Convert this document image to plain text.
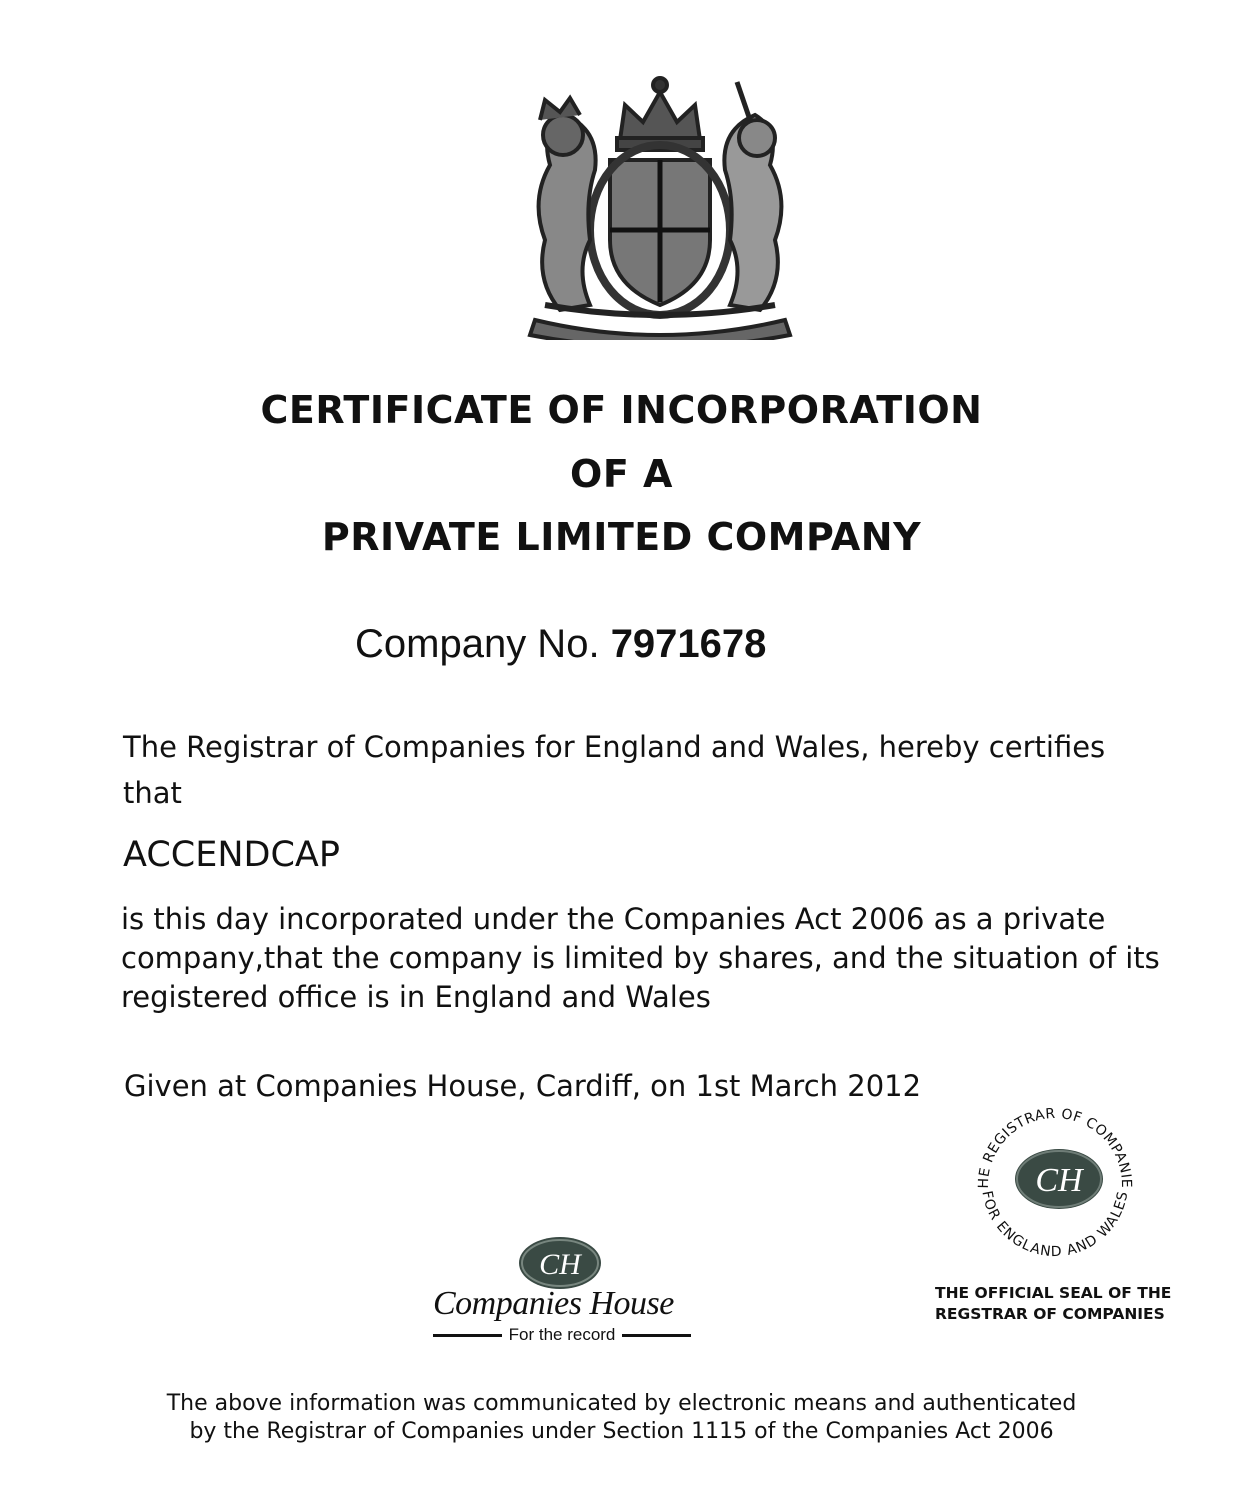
CERTIFICATE OF INCORPORATION
OF A
PRIVATE LIMITED COMPANY
Company No. 7971678
The Registrar of Companies for England and Wales, hereby certifies that
ACCENDCAP
is this day incorporated under the Companies Act 2006 as a private company,that the company is limited by shares, and the situation of its registered office is in England and Wales
Given at Companies House, Cardiff, on 1st March 2012
HE REGISTRAR OF COMPANIE
FOR ENGLAND AND WALES
CH
THE OFFICIAL SEAL OF THE
REGSTRAR OF COMPANIES
CH
Companies House
For the record
The above information was communicated by electronic means and authenticated
by the Registrar of Companies under Section 1115 of the Companies Act 2006
